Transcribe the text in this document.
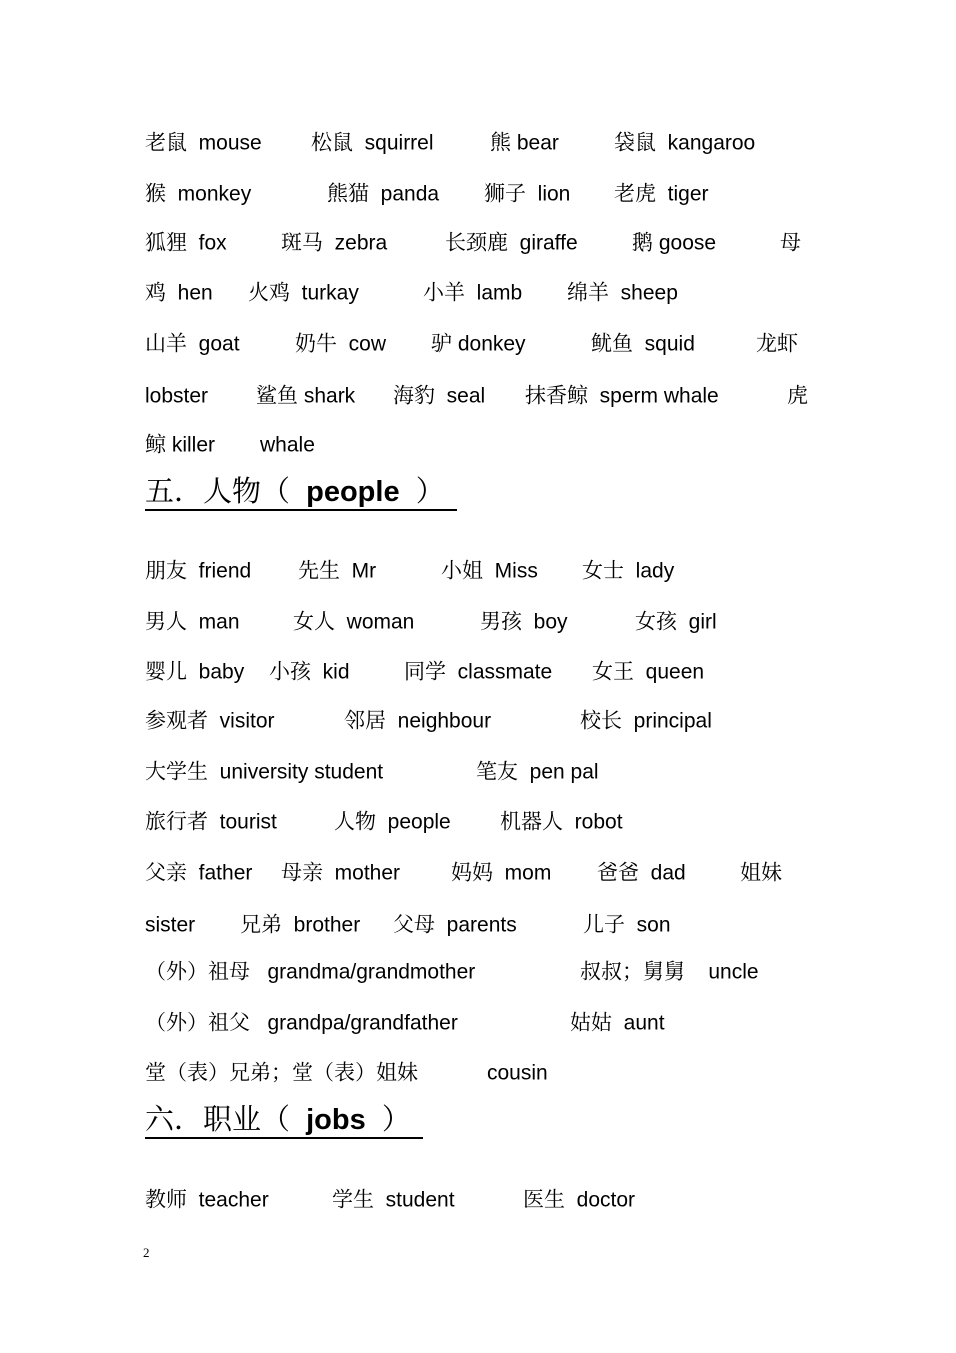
五．人物（  people  ）
六．职业（  jobs  ）
2
老鼠  mouse 松鼠  squirrel	熊 bear	袋鼠  kangaroo
猴  monkey	熊猫  panda 狮子  lion 老虎  tiger
狐狸  fox	斑马  zebra	长颈鹿  giraffe	鹅 goose	母
鸡  hen 火鸡  turkay	小羊  lamb 绵羊  sheep
山羊  goat	奶牛  cow 驴 donkey	鱿鱼  squid	龙虾
lobster 鲨鱼 shark 海豹  seal 抹香鲸  sperm whale	虎
鲸 killer whale
朋友  friend 先生  Mr	小姐  Miss 女士  lady
男人  man	女人  woman	男孩  boy	女孩  girl
婴儿  baby 小孩  kid	同学  classmate 女王  queen
参观者  visitor	邻居  neighbour	校长  principal
大学生  university student	笔友  pen pal
旅行者  tourist	人物  people 机器人  robot
父亲  father 母亲  mother 妈妈  mom 爸爸  dad	姐妹
sister 兄弟  brother 父母  parents	儿子  son
（外）祖母   grandma/grandmother	叔叔；舅舅    uncle
（外）祖父   grandpa/grandfather	姑姑  aunt
堂（表）兄弟；堂（表）姐妹	cousin
教师  teacher	学生  student	医生  doctor
